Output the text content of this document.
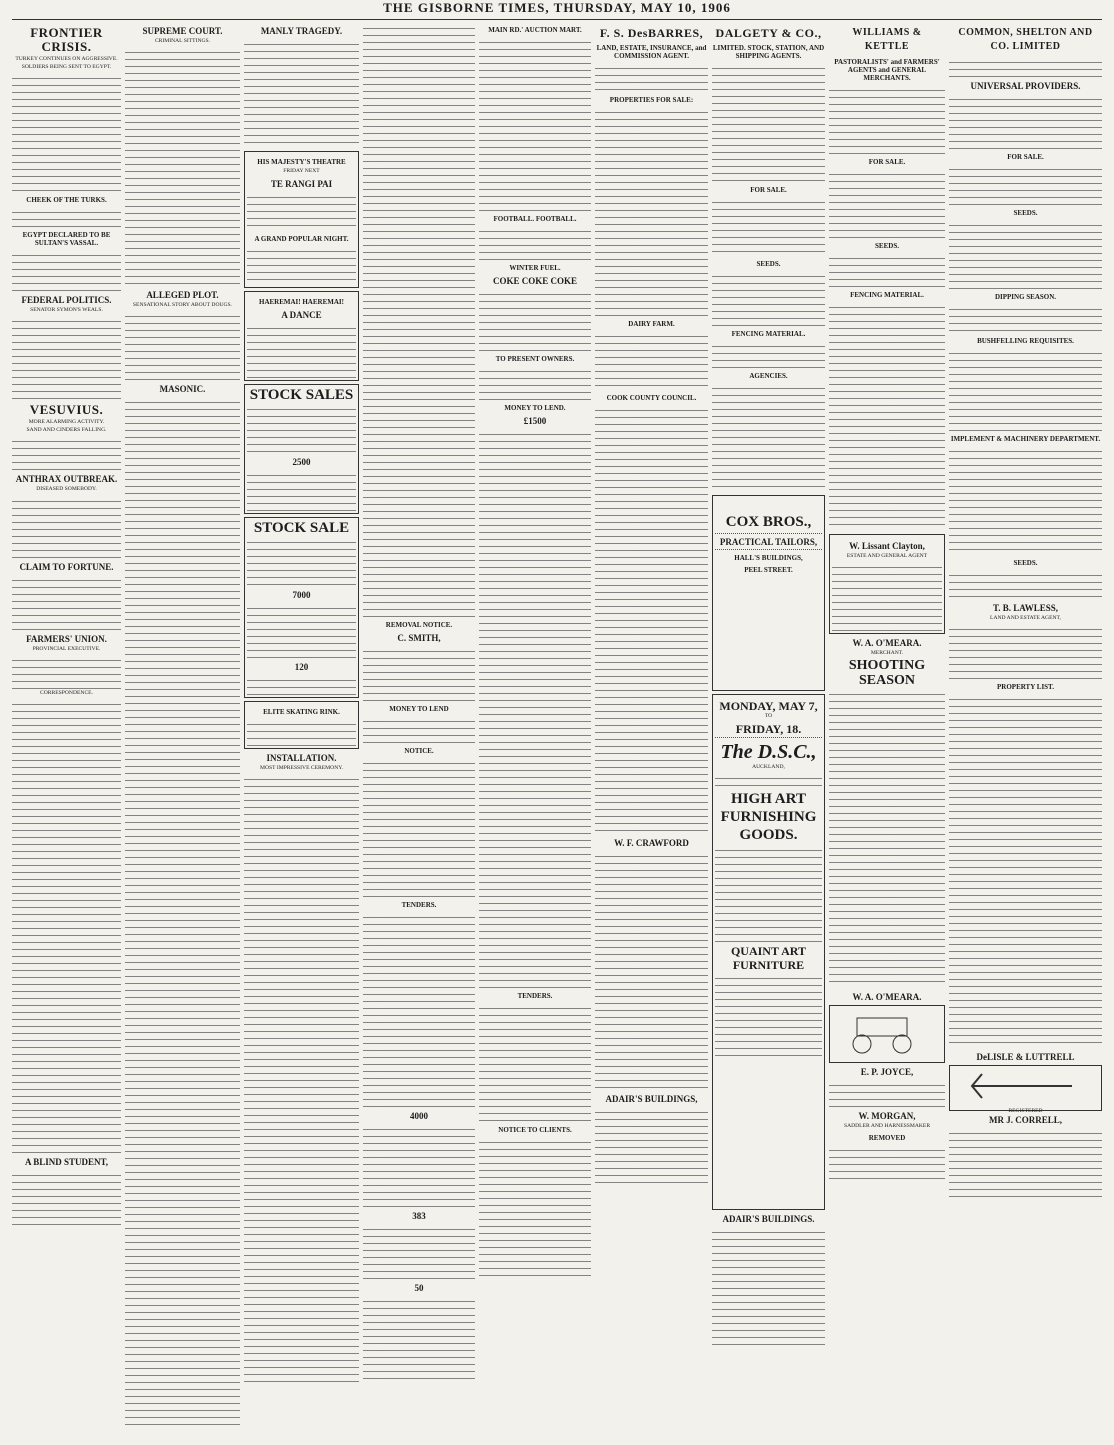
THE GISBORNE TIMES, THURSDAY, MAY 10, 1906
FRONTIER CRISIS.
TURKEY CONTINUES ON AGGRESSIVE.
SOLDIERS BEING SENT TO EGYPT.
CHEEK OF THE TURKS.
EGYPT DECLARED TO BE SULTAN'S VASSAL.
FEDERAL POLITICS.
SENATOR SYMON'S WEALS.
VESUVIUS.
MORE ALARMING ACTIVITY.
SAND AND CINDERS FALLING.
ANTHRAX OUTBREAK.
DISEASED SOMEBODY.
CLAIM TO FORTUNE.
FARMERS' UNION.
PROVINCIAL EXECUTIVE.
CORRESPONDENCE.
A BLIND STUDENT,
SUPREME COURT.
CRIMINAL SITTINGS.
ALLEGED PLOT.
SENSATIONAL STORY ABOUT DOUGS.
MASONIC.
MANLY TRAGEDY.
HIS MAJESTY'S THEATRE
FRIDAY NEXT
TE RANGI PAI
A GRAND POPULAR NIGHT.
HAEREMAI! HAEREMAI!
A DANCE
STOCK SALES
2500
STOCK SALE
7000
120
ELITE SKATING RINK.
INSTALLATION.
MOST IMPRESSIVE CEREMONY.
REMOVAL NOTICE.
C. SMITH,
MONEY TO LEND
NOTICE.
TENDERS.
4000
383
50
MAIN RD.' AUCTION MART.
FOOTBALL. FOOTBALL.
WINTER FUEL.
COKE COKE COKE
TO PRESENT OWNERS.
MONEY TO LEND.
£1500
TENDERS.
NOTICE TO CLIENTS.
F. S. DesBARRES,
LAND, ESTATE, INSURANCE, and COMMISSION AGENT.
PROPERTIES FOR SALE:
DAIRY FARM.
COOK COUNTY COUNCIL.
W. F. CRAWFORD
ADAIR'S BUILDINGS,
DALGETY & CO.,
LIMITED. STOCK, STATION, AND SHIPPING AGENTS.
FOR SALE.
SEEDS.
FENCING MATERIAL.
AGENCIES.
COX BROS.,
PRACTICAL TAILORS,
HALL'S BUILDINGS,
PEEL STREET.
MONDAY, MAY 7,
TO
FRIDAY, 18.
The D.S.C.,
AUCKLAND,
HIGH ART FURNISHING GOODS.
QUAINT ART FURNITURE
ADAIR'S BUILDINGS.
WILLIAMS & KETTLE
PASTORALISTS' and FARMERS' AGENTS and GENERAL MERCHANTS.
FOR SALE.
SEEDS.
FENCING MATERIAL.
W. Lissant Clayton,
ESTATE AND GENERAL AGENT
W. A. O'MEARA.
MERCHANT.
SHOOTING SEASON
W. A. O'MEARA.
E. P. JOYCE,
W. MORGAN,
SADDLER AND HARNESSMAKER
REMOVED
COMMON, SHELTON AND CO. LIMITED
UNIVERSAL PROVIDERS.
FOR SALE.
SEEDS.
DIPPING SEASON.
BUSHFELLING REQUISITES.
IMPLEMENT & MACHINERY DEPARTMENT.
SEEDS.
T. B. LAWLESS,
LAND AND ESTATE AGENT,
PROPERTY LIST.
DeLISLE & LUTTRELL
REGISTERED
MR J. CORRELL,
